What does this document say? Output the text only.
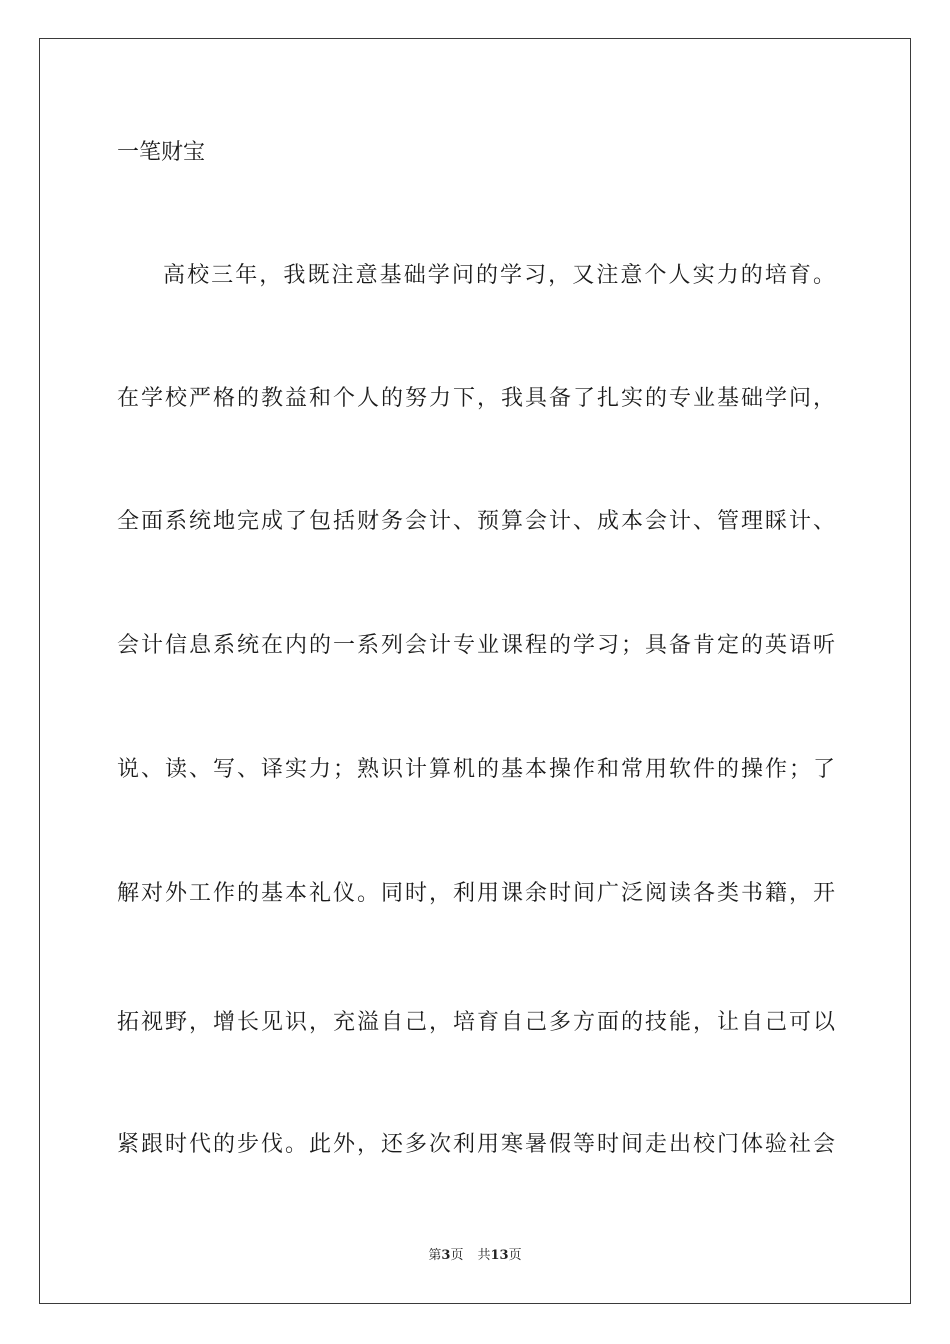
一笔财宝
高校三年，我既注意基础学问的学习，又注意个人实力的培育。
在学校严格的教益和个人的努力下，我具备了扎实的专业基础学问，
全面系统地完成了包括财务会计、预算会计、成本会计、管理睬计、
会计信息系统在内的一系列会计专业课程的学习；具备肯定的英语听
说、读、写、译实力；熟识计算机的基本操作和常用软件的操作；了
解对外工作的基本礼仪。同时，利用课余时间广泛阅读各类书籍，开
拓视野，增长见识，充溢自己，培育自己多方面的技能，让自己可以
紧跟时代的步伐。此外，还多次利用寒暑假等时间走出校门体验社会
第3页 共13页
